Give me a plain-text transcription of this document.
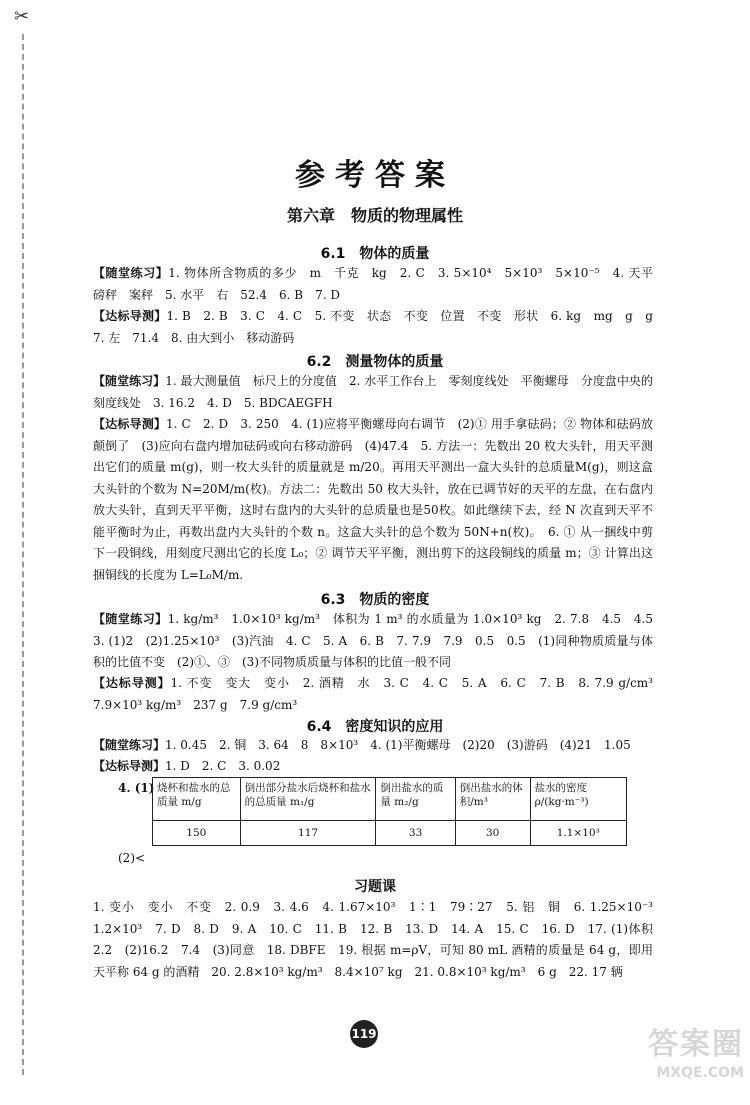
✂
参考答案
第六章　物质的物理属性
6.1　物体的质量
【随堂练习】1. 物体所含物质的多少　m　千克　kg　2. C　3. 5×10⁴　5×10³　5×10⁻⁵　4. 天平　磅秤　案秤　5. 水平　右　52.4　6. B　7. D
【达标导测】1. B　2. B　3. C　4. C　5. 不变　状态　不变　位置　不变　形状　6. kg　mg　g　g　7. 左　71.4　8. 由大到小　移动游码
6.2　测量物体的质量
【随堂练习】1. 最大测量值　标尺上的分度值　2. 水平工作台上　零刻度线处　平衡螺母　分度盘中央的刻度线处　3. 16.2　4. D　5. BDCAEGFH
【达标导测】1. C　2. D　3. 250　4. (1)应将平衡螺母向右调节　(2)① 用手拿砝码；② 物体和砝码放颠倒了　(3)应向右盘内增加砝码或向右移动游码　(4)47.4　5. 方法一：先数出 20 枚大头针，用天平测出它们的质量 m(g)，则一枚大头针的质量就是 m/20。再用天平测出一盒大头针的总质量M(g)，则这盒大头针的个数为 N=20M/m(枚)。方法二：先数出 50 枚大头针，放在已调节好的天平的左盘，在右盘内放大头针，直到天平平衡，这时右盘内的大头针的总质量也是50枚。如此继续下去，经 N 次直到天平不能平衡时为止，再数出盘内大头针的个数 n。这盒大头针的总个数为 50N+n(枚)。　6. ① 从一捆线中剪下一段铜线，用刻度尺测出它的长度 L₀；② 调节天平平衡，测出剪下的这段铜线的质量 m；③ 计算出这捆铜线的长度为 L=L₀M/m.
6.3　物质的密度
【随堂练习】1. kg/m³　1.0×10³ kg/m³　体积为 1 m³ 的水质量为 1.0×10³ kg　2. 7.8　4.5　4.5　3. (1)2　(2)1.25×10³　(3)汽油　4. C　5. A　6. B　7. 7.9　7.9　0.5　0.5　(1)同种物质质量与体积的比值不变　(2)①、③　(3)不同物质质量与体积的比值一般不同
【达标导测】1. 不变　变大　变小　2. 酒精　水　3. C　4. C　5. A　6. C　7. B　8. 7.9 g/cm³　7.9×10³ kg/m³　237 g　7.9 g/cm³
6.4　密度知识的应用
【随堂练习】1. 0.45　2. 铜　3. 64　8　8×10³　4. (1)平衡螺母　(2)20　(3)游码　(4)21　1.05
【达标导测】1. D　2. C　3. 0.02
4. (1) 烧杯和盐水的总质量 m/g	倒出部分盐水后烧杯和盐水的总质量 m₁/g	倒出盐水的质量 m₂/g	倒出盐水的体积/m³	盐水的密度 ρ/(kg·m⁻³)
150	117	33	30	1.1×10³
(2)<
习题课
1. 变小　变小　不变　2. 0.9　3. 4.6　4. 1.67×10³　1∶1　79∶27　5. 铝　铜　6. 1.25×10⁻³　1.2×10³　7. D　8. D　9. A　10. C　11. B　12. B　13. D　14. A　15. C　16. D　17. (1)体积　2.2　(2)16.2　7.4　(3)同意　18. DBFE　19. 根据 m=ρV，可知 80 mL 酒精的质量是 64 g，即用天平称 64 g 的酒精　20. 2.8×10³ kg/m³　8.4×10⁷ kg　21. 0.8×10³ kg/m³　6 g　22. 17 辆
119	答案圈
MXQE.COM
